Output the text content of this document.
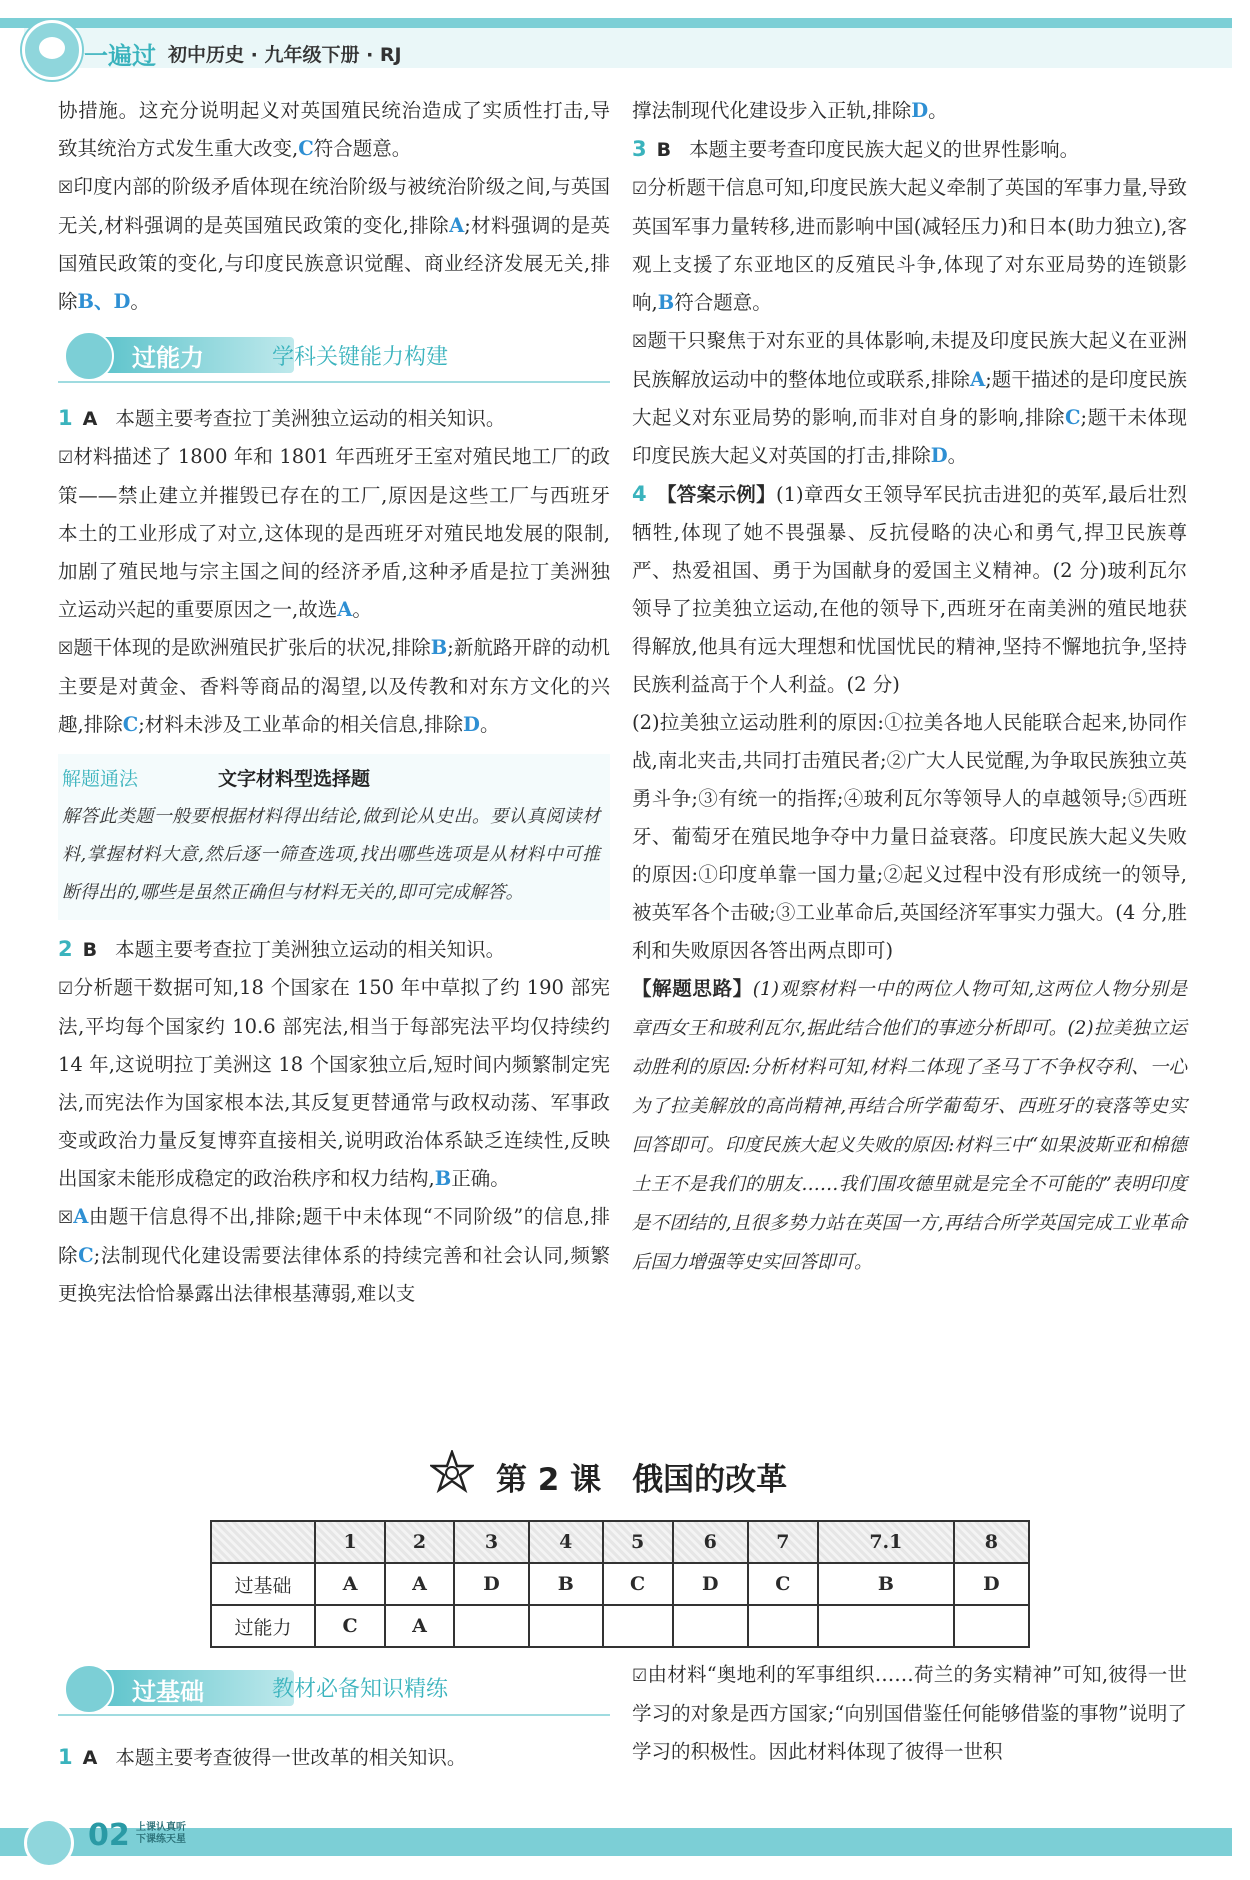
一遍过 初中历史 · 九年级下册 · RJ

协措施。这充分说明起义对英国殖民统治造成了实质性打击,导致其统治方式发生重大改变,C符合题意。

☒印度内部的阶级矛盾体现在统治阶级与被统治阶级之间,与英国无关,材料强调的是英国殖民政策的变化,排除A;材料强调的是英国殖民政策的变化,与印度民族意识觉醒、商业经济发展无关,排除B、D。

过能力	学科关键能力构建

1 A 本题主要考查拉丁美洲独立运动的相关知识。

☑材料描述了 1800 年和 1801 年西班牙王室对殖民地工厂的政策——禁止建立并摧毁已存在的工厂,原因是这些工厂与西班牙本土的工业形成了对立,这体现的是西班牙对殖民地发展的限制,加剧了殖民地与宗主国之间的经济矛盾,这种矛盾是拉丁美洲独立运动兴起的重要原因之一,故选A。

☒题干体现的是欧洲殖民扩张后的状况,排除B;新航路开辟的动机主要是对黄金、香料等商品的渴望,以及传教和对东方文化的兴趣,排除C;材料未涉及工业革命的相关信息,排除D。

解题通法	文字材料型选择题
解答此类题一般要根据材料得出结论,做到论从史出。要认真阅读材料,掌握材料大意,然后逐一筛查选项,找出哪些选项是从材料中可推断得出的,哪些是虽然正确但与材料无关的,即可完成解答。

2 B 本题主要考查拉丁美洲独立运动的相关知识。

☑分析题干数据可知,18 个国家在 150 年中草拟了约 190 部宪法,平均每个国家约 10.6 部宪法,相当于每部宪法平均仅持续约 14 年,这说明拉丁美洲这 18 个国家独立后,短时间内频繁制定宪法,而宪法作为国家根本法,其反复更替通常与政权动荡、军事政变或政治力量反复博弈直接相关,说明政治体系缺乏连续性,反映出国家未能形成稳定的政治秩序和权力结构,B正确。

☒A由题干信息得不出,排除;题干中未体现“不同阶级”的信息,排除C;法制现代化建设需要法律体系的持续完善和社会认同,频繁更换宪法恰恰暴露出法律根基薄弱,难以支

撑法制现代化建设步入正轨,排除D。

3 B 本题主要考查印度民族大起义的世界性影响。

☑分析题干信息可知,印度民族大起义牵制了英国的军事力量,导致英国军事力量转移,进而影响中国(减轻压力)和日本(助力独立),客观上支援了东亚地区的反殖民斗争,体现了对东亚局势的连锁影响,B符合题意。

☒题干只聚焦于对东亚的具体影响,未提及印度民族大起义在亚洲民族解放运动中的整体地位或联系,排除A;题干描述的是印度民族大起义对东亚局势的影响,而非对自身的影响,排除C;题干未体现印度民族大起义对英国的打击,排除D。

4 【答案示例】(1)章西女王领导军民抗击进犯的英军,最后壮烈牺牲,体现了她不畏强暴、反抗侵略的决心和勇气,捍卫民族尊严、热爱祖国、勇于为国献身的爱国主义精神。(2 分)玻利瓦尔领导了拉美独立运动,在他的领导下,西班牙在南美洲的殖民地获得解放,他具有远大理想和忧国忧民的精神,坚持不懈地抗争,坚持民族利益高于个人利益。(2 分)

(2)拉美独立运动胜利的原因:①拉美各地人民能联合起来,协同作战,南北夹击,共同打击殖民者;②广大人民觉醒,为争取民族独立英勇斗争;③有统一的指挥;④玻利瓦尔等领导人的卓越领导;⑤西班牙、葡萄牙在殖民地争夺中力量日益衰落。印度民族大起义失败的原因:①印度单靠一国力量;②起义过程中没有形成统一的领导,被英军各个击破;③工业革命后,英国经济军事实力强大。(4 分,胜利和失败原因各答出两点即可)

【解题思路】(1)观察材料一中的两位人物可知,这两位人物分别是章西女王和玻利瓦尔,据此结合他们的事迹分析即可。(2)拉美独立运动胜利的原因:分析材料可知,材料二体现了圣马丁不争权夺利、一心为了拉美解放的高尚精神,再结合所学葡萄牙、西班牙的衰落等史实回答即可。印度民族大起义失败的原因:材料三中“如果波斯亚和棉德土王不是我们的朋友……我们围攻德里就是完全不可能的”表明印度是不团结的,且很多势力站在英国一方,再结合所学英国完成工业革命后国力增强等史实回答即可。

第 2 课　俄国的改革
	1	2	3	4	5	6	7	7.1	8
过基础	A	A	D	B	C	D	C	B	D
过能力	C	A							
过基础	教材必备知识精练

1 A 本题主要考查彼得一世改革的相关知识。

☑由材料“奥地利的军事组织……荷兰的务实精神”可知,彼得一世学习的对象是西方国家;“向别国借鉴任何能够借鉴的事物”说明了学习的积极性。因此材料体现了彼得一世积

02 上课认真听
下课练天星
